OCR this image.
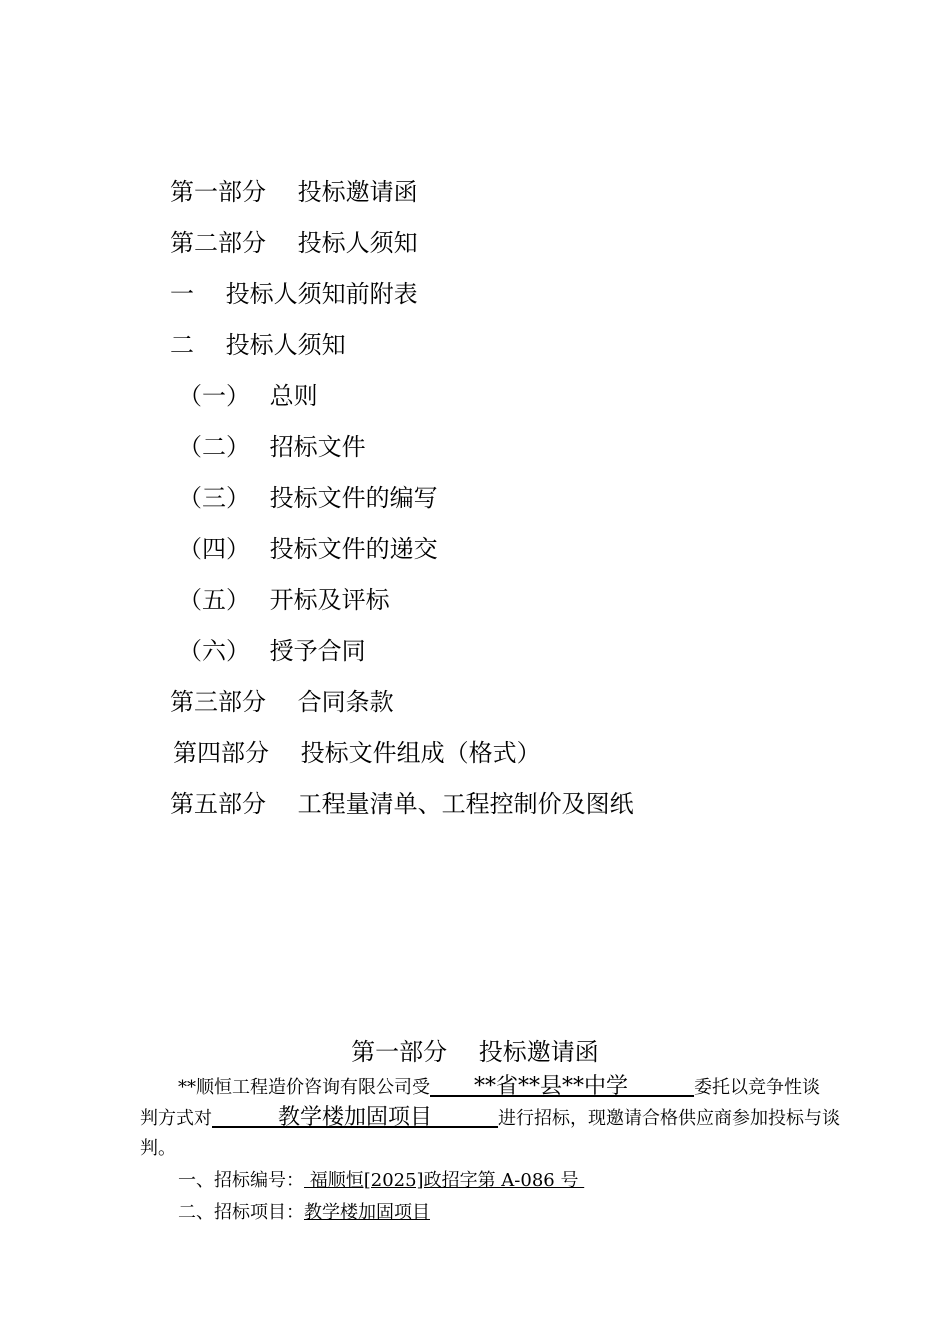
第一部分　 投标邀请函
第二部分　 投标人须知
一　 投标人须知前附表
二　 投标人须知
（一）　 总则
（二）　 招标文件
（三）　 投标文件的编写
（四）　 投标文件的递交
（五）　 开标及评标
（六）　 授予合同
第三部分　 合同条款
第四部分　 投标文件组成（格式）
第五部分　 工程量清单、工程控制价及图纸
第一部分　 投标邀请函
**顺恒工程造价咨询有限公司受　　**省**县**中学　　　委托以竞争性谈
判方式对　　　教学楼加固项目　　　进行招标，现邀请合格供应商参加投标与谈
判。
一、招标编号： 福顺恒[2025]政招字第 A-086 号
二、招标项目：教学楼加固项目
